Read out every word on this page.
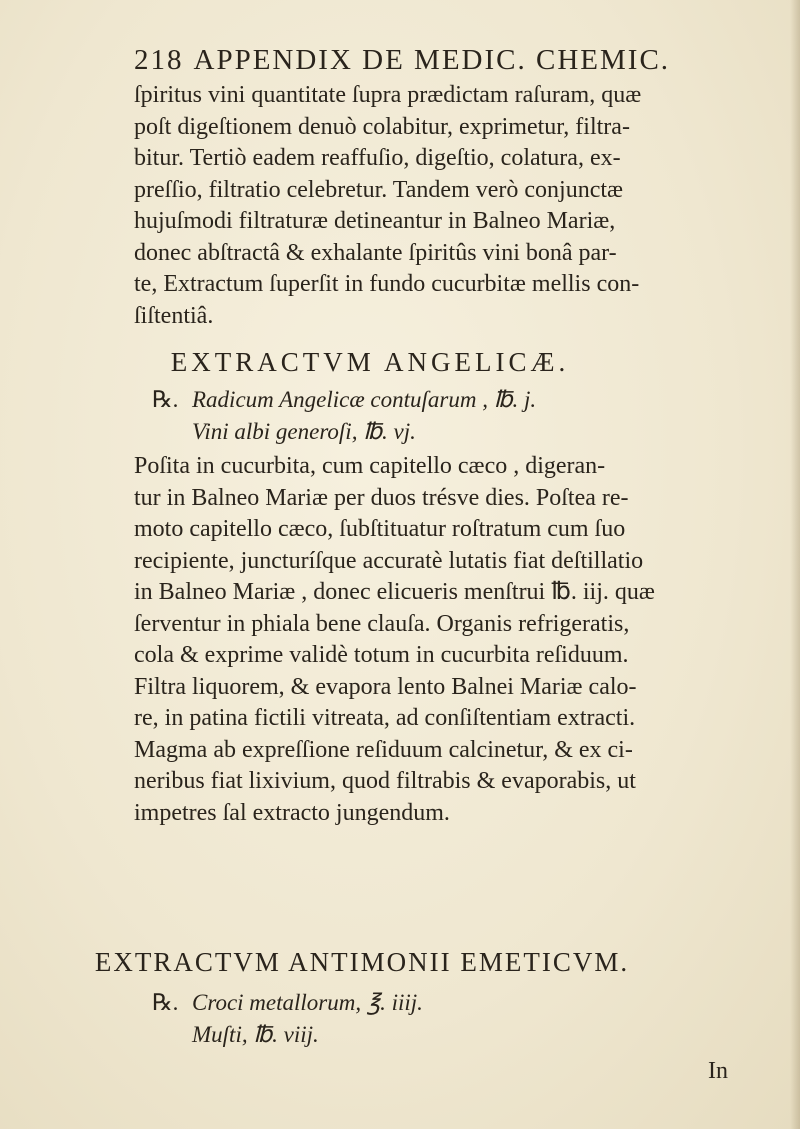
218 APPENDIX DE MEDIC. CHEMIC.
ſpiritus vini quantitate ſupra prædictam raſuram, quæ
poſt digeſtionem denuò colabitur, exprimetur, filtra-
bitur. Tertiò eadem reaffuſio, digeſtio, colatura, ex-
preſſio, filtratio celebretur. Tandem verò conjunctæ
hujuſmodi filtraturæ detineantur in Balneo Mariæ,
donec abſtractâ & exhalante ſpiritûs vini bonâ par-
te, Extractum ſuperſit in fundo cucurbitæ mellis con-
ſiſtentiâ.
EXTRACTVM ANGELICÆ.
℞. Radicum Angelicæ contuſarum , ℔. j.
Vini albi generoſi, ℔. vj.
Poſita in cucurbita, cum capitello cæco , digeran-
tur in Balneo Mariæ per duos trésve dies. Poſtea re-
moto capitello cæco, ſubſtituatur roſtratum cum ſuo
recipiente, juncturíſque accuratè lutatis fiat deſtillatio
in Balneo Mariæ , donec elicueris menſtrui ℔. iij. quæ
ſerventur in phiala bene clauſa. Organis refrigeratis,
cola & exprime validè totum in cucurbita reſiduum.
Filtra liquorem, & evapora lento Balnei Mariæ calo-
re, in patina fictili vitreata, ad conſiſtentiam extracti.
Magma ab expreſſione reſiduum calcinetur, & ex ci-
neribus fiat lixivium, quod filtrabis & evaporabis, ut
impetres ſal extracto jungendum.
EXTRACTVM ANTIMONII EMETICVM.
℞. Croci metallorum, ℥. iiij.
Muſti, ℔. viij.
In
